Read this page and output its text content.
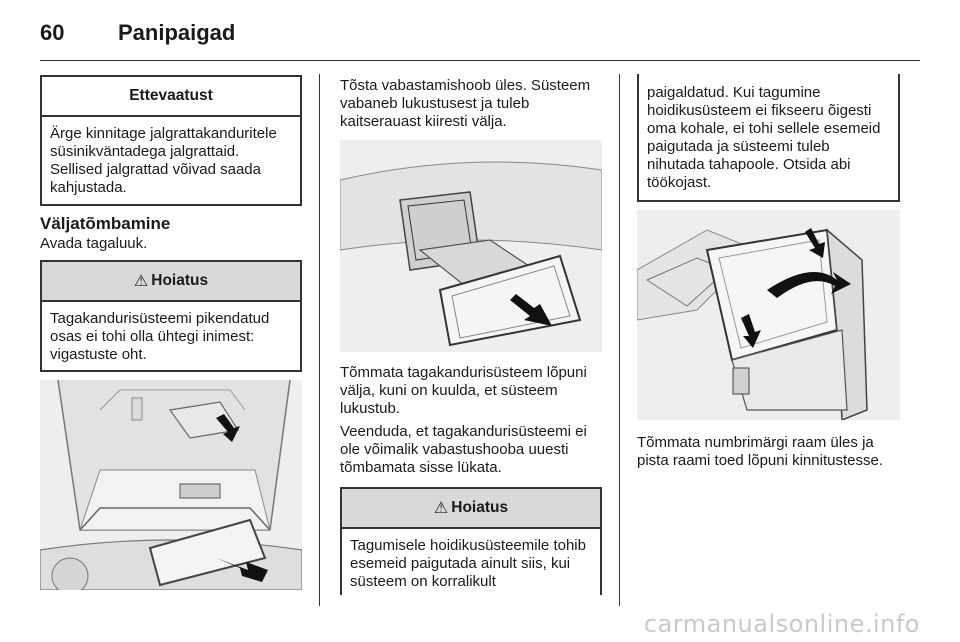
60 Panipaigad
Ettevaatust
Ärge kinnitage jalgrattakanduritele süsinikväntadega jalgrattaid. Sellised jalgrattad võivad saada kahjustada.
Väljatõmbamine
Avada tagaluuk.
⚠ Hoiatus
Tagakandurisüsteemi pikendatud osas ei tohi olla ühtegi inimest: vigastuste oht.
Tõsta vabastamishoob üles. Süsteem vabaneb lukustusest ja tuleb kaitserauast kiiresti välja.
Tõmmata tagakandurisüsteem lõpuni välja, kuni on kuulda, et süsteem lukustub.
Veenduda, et tagakandurisüsteemi ei ole võimalik vabastushooba uuesti tõmbamata sisse lükata.
⚠ Hoiatus
Tagumisele hoidikusüsteemile tohib esemeid paigutada ainult siis, kui süsteem on korralikult
paigaldatud. Kui tagumine hoidikusüsteem ei fikseeru õigesti oma kohale, ei tohi sellele esemeid paigutada ja süsteemi tuleb nihutada tahapoole. Otsida abi töökojast.
Tõmmata numbrimärgi raam üles ja pista raami toed lõpuni kinnitustesse.
carmanualsonline.info
